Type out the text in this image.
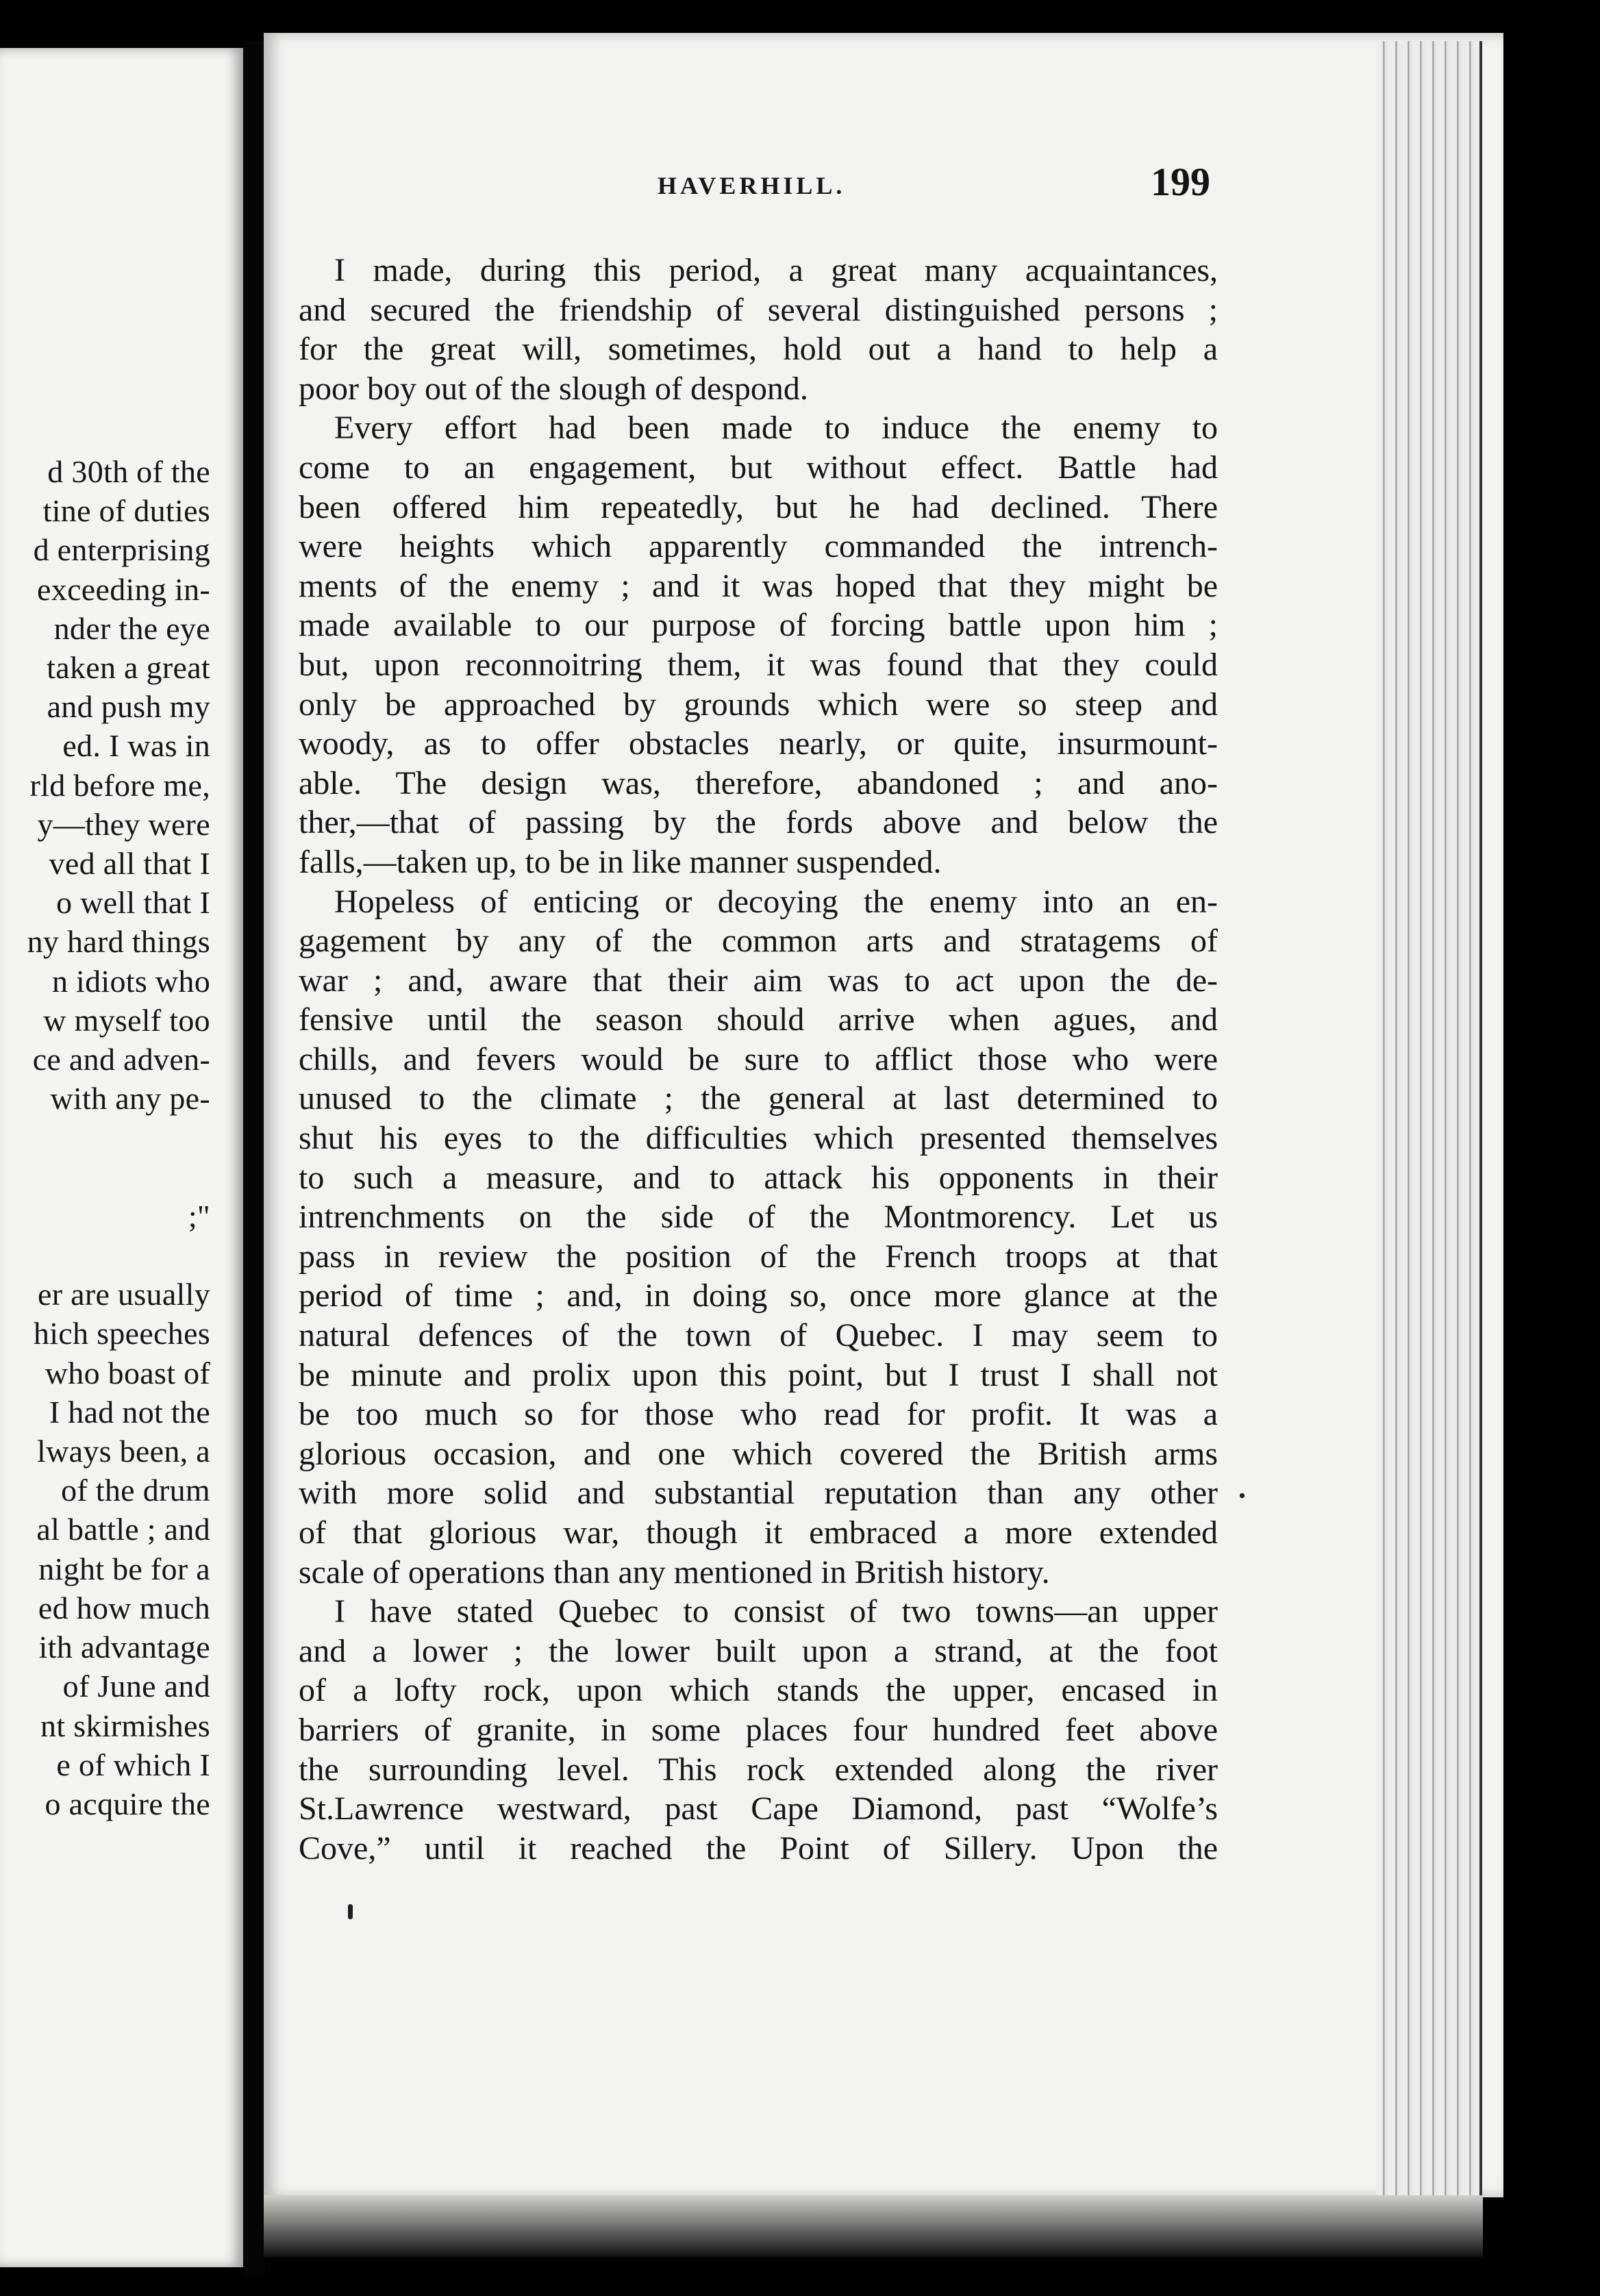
d 30th of the
tine of duties
d enterprising
exceeding in-
nder the eye
taken a great
and push my
ed. I was in
rld before me,
y—they were
ved all that I
o well that I
ny hard things
n idiots who
w myself too
ce and adven-
with any pe-

;"

er are usually
hich speeches
who boast of
I had not the
lways been, a
of the drum
al battle ; and
night be for a
ed how much
ith advantage
of June and
nt skirmishes
e of which I
o acquire the
HAVERHILL.	199
I made, during this period, a great many acquaintances,
and secured the friendship of several distinguished persons ;
for the great will, sometimes, hold out a hand to help a
poor boy out of the slough of despond.
Every effort had been made to induce the enemy to
come to an engagement, but without effect. Battle had
been offered him repeatedly, but he had declined. There
were heights which apparently commanded the intrench-
ments of the enemy ; and it was hoped that they might be
made available to our purpose of forcing battle upon him ;
but, upon reconnoitring them, it was found that they could
only be approached by grounds which were so steep and
woody, as to offer obstacles nearly, or quite, insurmount-
able. The design was, therefore, abandoned ; and ano-
ther,—that of passing by the fords above and below the
falls,—taken up, to be in like manner suspended.
Hopeless of enticing or decoying the enemy into an en-
gagement by any of the common arts and stratagems of
war ; and, aware that their aim was to act upon the de-
fensive until the season should arrive when agues, and
chills, and fevers would be sure to afflict those who were
unused to the climate ; the general at last determined to
shut his eyes to the difficulties which presented themselves
to such a measure, and to attack his opponents in their
intrenchments on the side of the Montmorency. Let us
pass in review the position of the French troops at that
period of time ; and, in doing so, once more glance at the
natural defences of the town of Quebec. I may seem to
be minute and prolix upon this point, but I trust I shall not
be too much so for those who read for profit. It was a
glorious occasion, and one which covered the British arms
with more solid and substantial reputation than any other
of that glorious war, though it embraced a more extended
scale of operations than any mentioned in British history.
I have stated Quebec to consist of two towns—an upper
and a lower ; the lower built upon a strand, at the foot
of a lofty rock, upon which stands the upper, encased in
barriers of granite, in some places four hundred feet above
the surrounding level. This rock extended along the river
St.Lawrence westward, past Cape Diamond, past “Wolfe’s
Cove,” until it reached the Point of Sillery. Upon the
